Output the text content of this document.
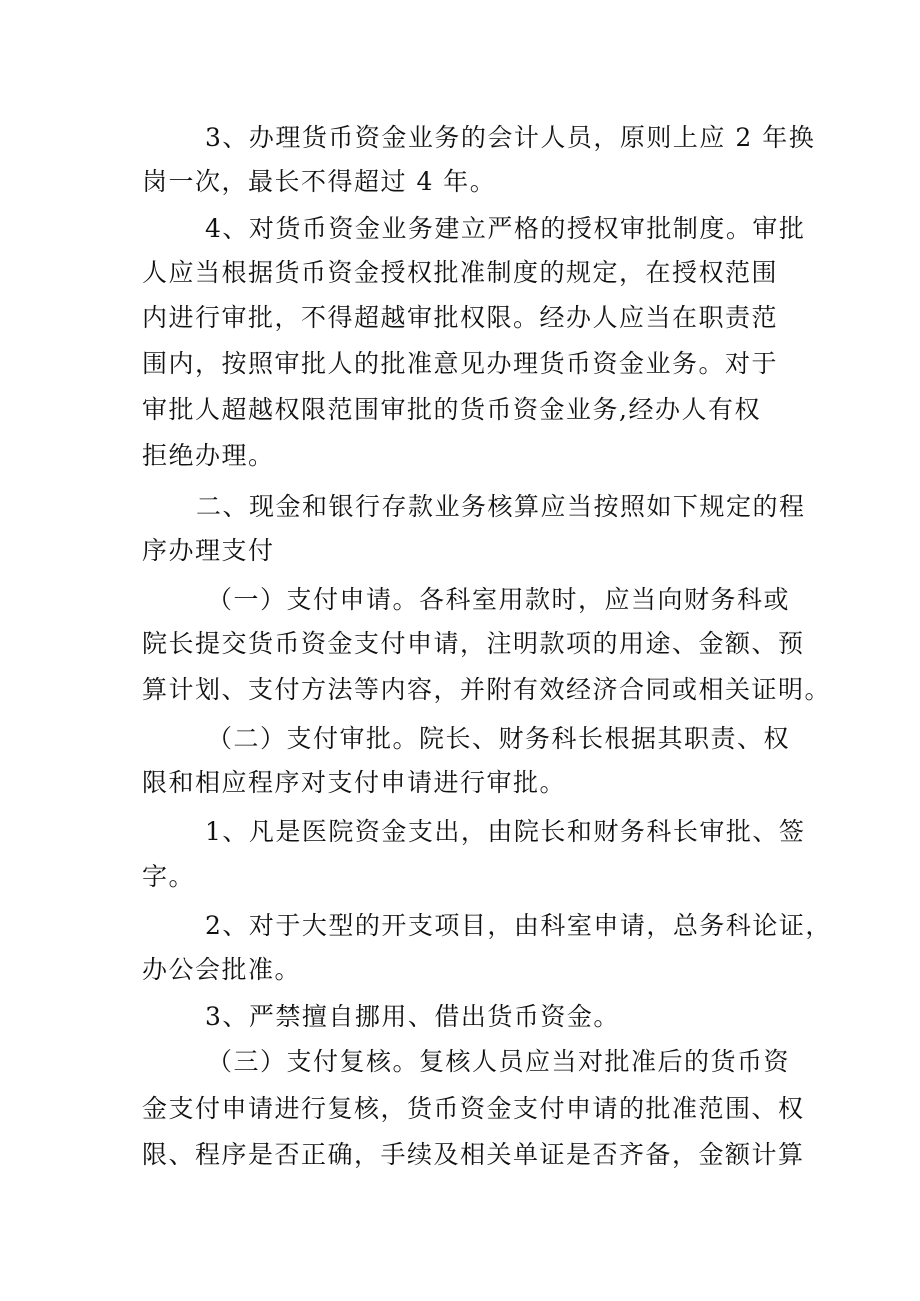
3、办理货币资金业务的会计人员，原则上应 2 年换
岗一次，最长不得超过 4 年。
4、对货币资金业务建立严格的授权审批制度。审批
人应当根据货币资金授权批准制度的规定，在授权范围
内进行审批，不得超越审批权限。经办人应当在职责范
围内，按照审批人的批准意见办理货币资金业务。对于
审批人超越权限范围审批的货币资金业务,经办人有权
拒绝办理。
二、现金和银行存款业务核算应当按照如下规定的程
序办理支付
（一）支付申请。各科室用款时，应当向财务科或
院长提交货币资金支付申请，注明款项的用途、金额、预
算计划、支付方法等内容，并附有效经济合同或相关证明。
（二）支付审批。院长、财务科长根据其职责、权
限和相应程序对支付申请进行审批。
1、凡是医院资金支出，由院长和财务科长审批、签
字。
2、对于大型的开支项目，由科室申请，总务科论证，
办公会批准。
3、严禁擅自挪用、借出货币资金。
（三）支付复核。复核人员应当对批准后的货币资
金支付申请进行复核，货币资金支付申请的批准范围、权
限、程序是否正确，手续及相关单证是否齐备，金额计算
